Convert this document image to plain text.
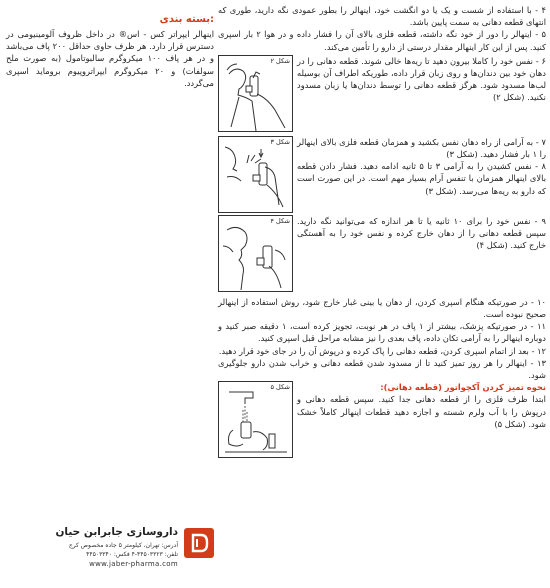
بسته بندی:

اینهالر ایپراتر کس - اس® در داخل ظروف آلومینیومی در دسترس قرار دارد. هر ظرف حاوی حداقل ۲۰۰ پاف می‌باشد و در هر پاف ۱۰۰ میکروگرم سالبوتامول (به صورت ملح سولفات) و ۲۰ میکروگرم ایپراتروپیوم بروماید اسپری می‌گردد.

۴ - با استفاده از شست و یک یا دو انگشت خود، اینهالر را بطور عمودی نگه دارید، طوری که انتهای قطعه دهانی به سمت پایین باشد.

۵ - اینهالر را دور از خود نگه داشته، قطعه فلزی بالای آن را فشار داده و در هوا ۲ بار اسپری کنید. پس از این کار اینهالر مقدار درستی از دارو را تأمین می‌کند.

شکل ۲ ۶ - نفس خود را کاملا بیرون دهید تا ریه‌ها خالی شوند. قطعه دهانی را در دهان خود بین دندان‌ها و روی زبان قرار داده، طوریکه اطراف آن بوسیله لب‌ها مسدود شود. هرگز قطعه دهانی را توسط دندان‌ها یا زبان مسدود نکنید. (شکل ۲)

شکل ۳ ۷ - به آرامی از راه دهان نفس بکشید و همزمان قطعه فلزی بالای اینهالر را ۱ بار فشار دهید. (شکل ۳)

۸ - نفس کشیدن را به آرامی ۳ تا ۵ ثانیه ادامه دهید. فشار دادن قطعه بالای اینهالر همزمان با تنفس آرام بسیار مهم است. در این صورت است که دارو به ریه‌ها می‌رسد. (شکل ۳)

شکل ۴ ۹ - نفس خود را برای ۱۰ ثانیه یا تا هر اندازه که می‌توانید نگه دارید. سپس قطعه دهانی را از دهان خارج کرده و نفس خود را به آهستگی خارج کنید. (شکل ۴)

۱۰ - در صورتیکه هنگام اسپری کردن، از دهان یا بینی غبار خارج شود، روش استفاده از اینهالر صحیح نبوده است.

۱۱ - در صورتیکه پزشک، بیشتر از ۱ پاف در هر نوبت، تجویز کرده است، ۱ دقیقه صبر کنید و دوباره اینهالر را به آرامی تکان داده، پاف بعدی را نیز مشابه مراحل قبل اسپری کنید.

۱۲ - بعد از اتمام اسپری کردن، قطعه دهانی را پاک کرده و درپوش آن را در جای خود قرار دهید.

۱۳ - اینهالر را هر روز تمیز کنید تا از مسدود شدن قطعه دهانی و خراب شدن دارو جلوگیری شود.

شکل ۵	نحوه تمیز کردن آکچواتور (قطعه دهانی):

ابتدا ظرف فلزی را از قطعه دهانی جدا کنید. سپس قطعه دهانی و درپوش را با آب ولرم شسته و اجازه دهید قطعات اینهالر کاملاً خشک شود. (شکل ۵)

داروسازی جابرابن حیان
آدرس: تهران، کیلومتر ۵ جاده مخصوص کرج
تلفن: ۴۴۵۰۳۳۲۳-۴ فکس: ۴۴۵۰۳۳۴۰
www.jaber-pharma.com
